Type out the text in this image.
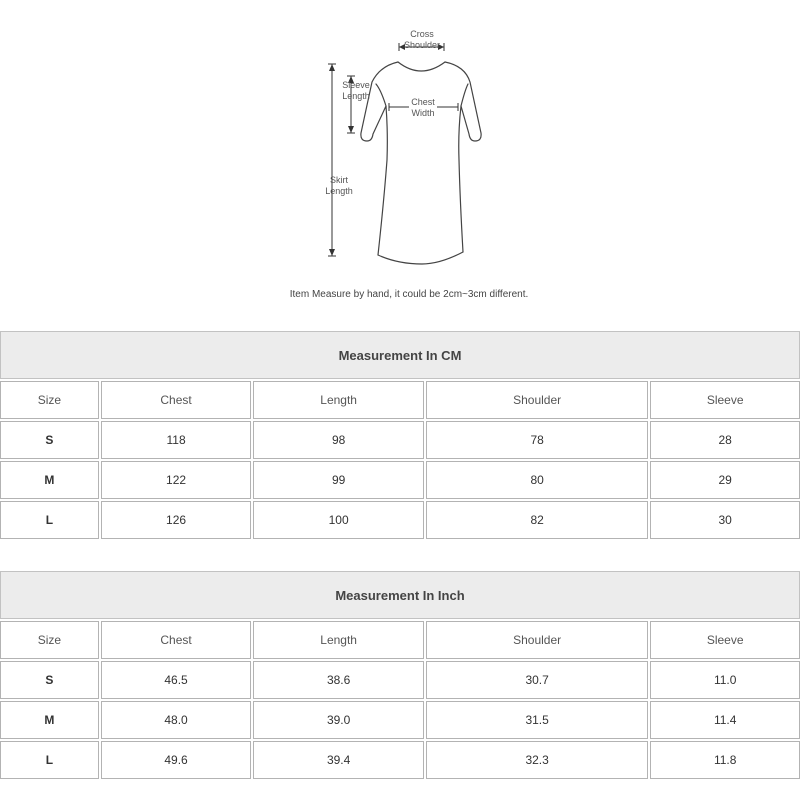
Cross
Shoulder
Sleeve
Length
Chest
Width
Skirt
Length
Item Measure by hand, it could be 2cm~3cm different.
Measurement In CM				
Size	Chest	Length	Shoulder	Sleeve
S	118	98	78	28
M	122	99	80	29
L	126	100	82	30
Measurement In Inch				
Size	Chest	Length	Shoulder	Sleeve
S	46.5	38.6	30.7	11.0
M	48.0	39.0	31.5	11.4
L	49.6	39.4	32.3	11.8
